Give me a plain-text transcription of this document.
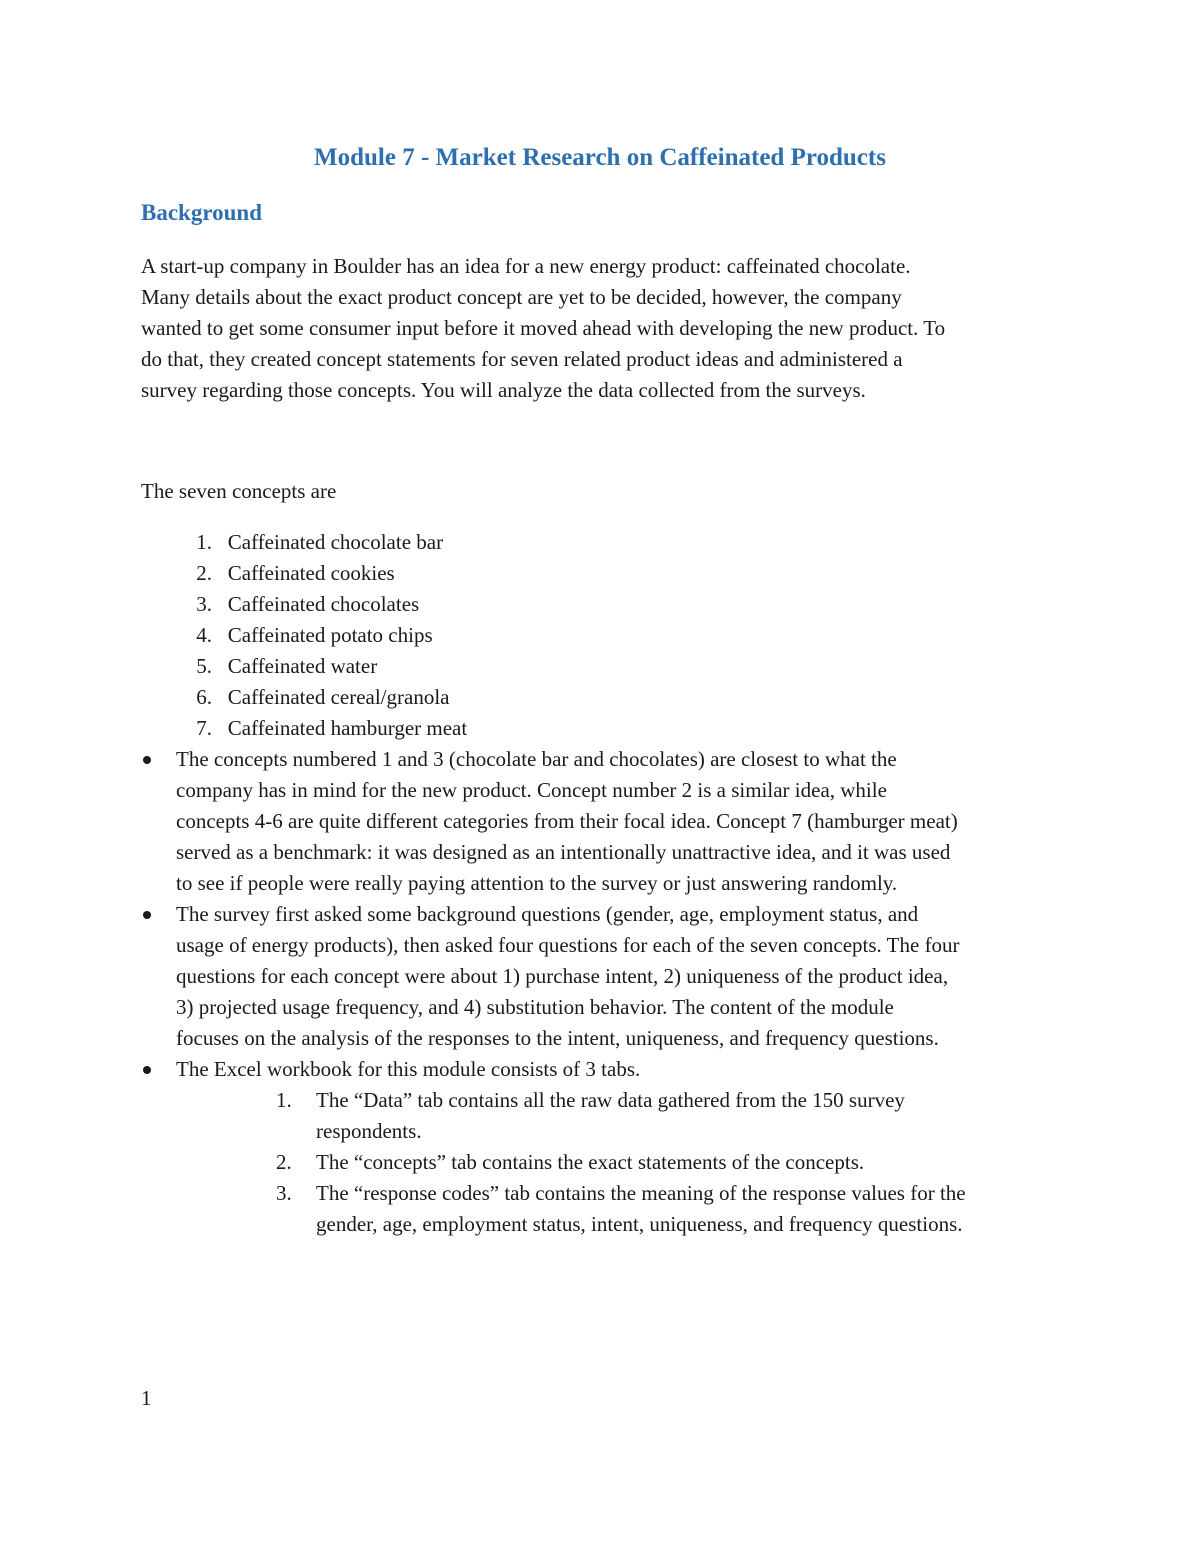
Module 7 - Market Research on Caffeinated Products
Background

A start-up company in Boulder has an idea for a new energy product: caffeinated chocolate.
Many details about the exact product concept are yet to be decided, however, the company
wanted to get some consumer input before it moved ahead with developing the new product. To
do that, they created concept statements for seven related product ideas and administered a
survey regarding those concepts. You will analyze the data collected from the surveys.

The seven concepts are

1. Caffeinated chocolate bar
2. Caffeinated cookies
3. Caffeinated chocolates
4. Caffeinated potato chips
5. Caffeinated water
6. Caffeinated cereal/granola
7. Caffeinated hamburger meat
The concepts numbered 1 and 3 (chocolate bar and chocolates) are closest to what the
company has in mind for the new product. Concept number 2 is a similar idea, while
concepts 4-6 are quite different categories from their focal idea. Concept 7 (hamburger meat)
served as a benchmark: it was designed as an intentionally unattractive idea, and it was used
to see if people were really paying attention to the survey or just answering randomly.
The survey first asked some background questions (gender, age, employment status, and
usage of energy products), then asked four questions for each of the seven concepts. The four
questions for each concept were about 1) purchase intent, 2) uniqueness of the product idea,
3) projected usage frequency, and 4) substitution behavior. The content of the module
focuses on the analysis of the responses to the intent, uniqueness, and frequency questions.
The Excel workbook for this module consists of 3 tabs.
1. The “Data” tab contains all the raw data gathered from the 150 survey
respondents.
2. The “concepts” tab contains the exact statements of the concepts.
3. The “response codes” tab contains the meaning of the response values for the
gender, age, employment status, intent, uniqueness, and frequency questions.

1
